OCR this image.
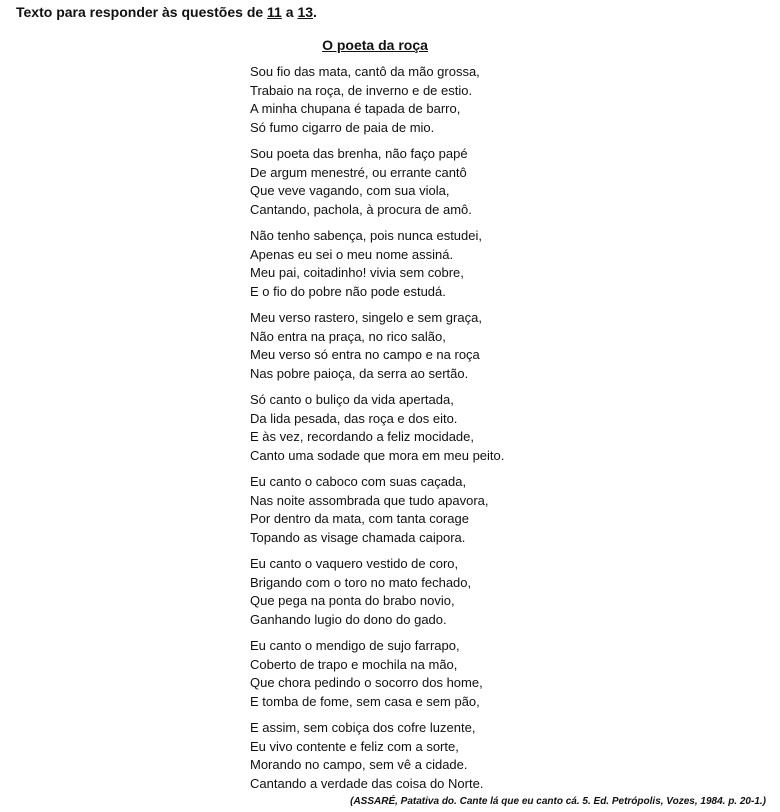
Texto para responder às questões de 11 a 13.
O poeta da roça
Sou fio das mata, cantô da mão grossa,
Trabaio na roça, de inverno e de estio.
A minha chupana é tapada de barro,
Só fumo cigarro de paia de mio.
Sou poeta das brenha, não faço papé
De argum menestré, ou errante cantô
Que veve vagando, com sua viola,
Cantando, pachola, à procura de amô.
Não tenho sabença, pois nunca estudei,
Apenas eu sei o meu nome assiná.
Meu pai, coitadinho! vivia sem cobre,
E o fio do pobre não pode estudá.
Meu verso rastero, singelo e sem graça,
Não entra na praça, no rico salão,
Meu verso só entra no campo e na roça
Nas pobre paioça, da serra ao sertão.
Só canto o buliço da vida apertada,
Da lida pesada, das roça e dos eito.
E às vez, recordando a feliz mocidade,
Canto uma sodade que mora em meu peito.
Eu canto o caboco com suas caçada,
Nas noite assombrada que tudo apavora,
Por dentro da mata, com tanta corage
Topando as visage chamada caipora.
Eu canto o vaquero vestido de coro,
Brigando com o toro no mato fechado,
Que pega na ponta do brabo novio,
Ganhando lugio do dono do gado.
Eu canto o mendigo de sujo farrapo,
Coberto de trapo e mochila na mão,
Que chora pedindo o socorro dos home,
E tomba de fome, sem casa e sem pão,
E assim, sem cobiça dos cofre luzente,
Eu vivo contente e feliz com a sorte,
Morando no campo, sem vê a cidade.
Cantando a verdade das coisa do Norte.
(ASSARÉ, Patativa do. Cante lá que eu canto cá. 5. Ed. Petrópolis, Vozes, 1984. p. 20-1.)
